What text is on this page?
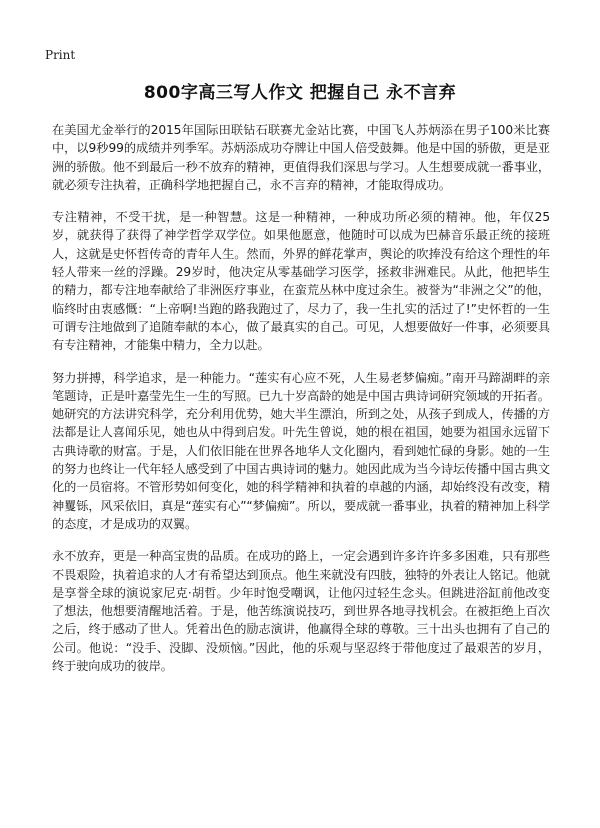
Print
800字高三写人作文 把握自己 永不言弃

在美国尤金举行的2015年国际田联钻石联赛尤金站比赛，中国飞人苏炳添在男子100米比赛中，以9秒99的成绩并列季军。苏炳添成功夺牌让中国人倍受鼓舞。他是中国的骄傲，更是亚洲的骄傲。他不到最后一秒不放弃的精神，更值得我们深思与学习。人生想要成就一番事业，就必须专注执着，正确科学地把握自己，永不言弃的精神，才能取得成功。

专注精神，不受干扰，是一种智慧。这是一种精神，一种成功所必须的精神。他，年仅25岁，就获得了获得了神学哲学双学位。如果他愿意，他随时可以成为巴赫音乐最正统的接班人，这就是史怀哲传奇的青年人生。然而，外界的鲜花掌声，舆论的吹捧没有给这个理性的年轻人带来一丝的浮躁。29岁时，他决定从零基础学习医学，拯救非洲难民。从此，他把毕生的精力，都专注地奉献给了非洲医疗事业，在蛮荒丛林中度过余生。被誉为“非洲之父”的他，临终时由衷感慨：“上帝啊!当跑的路我跑过了，尽力了，我一生扎实的活过了!”史怀哲的一生可谓专注地做到了追随奉献的本心，做了最真实的自己。可见，人想要做好一件事，必须要具有专注精神，才能集中精力，全力以赴。

努力拼搏，科学追求，是一种能力。“莲实有心应不死，人生易老梦偏痴。”南开马蹄湖畔的亲笔题诗，正是叶嘉莹先生一生的写照。已九十岁高龄的她是中国古典诗词研究领域的开拓者。她研究的方法讲究科学，充分利用优势，她大半生漂泊，所到之处，从孩子到成人，传播的方法都是让人喜闻乐见，她也从中得到启发。叶先生曾说，她的根在祖国，她要为祖国永远留下古典诗歌的财富。于是，人们依旧能在世界各地华人文化圈内，看到她忙碌的身影。她的一生的努力也终让一代年轻人感受到了中国古典诗词的魅力。她因此成为当今诗坛传播中国古典文化的一员宿将。不管形势如何变化，她的科学精神和执着的卓越的内涵，却始终没有改变，精神矍铄，风采依旧，真是“莲实有心”“梦偏痴”。所以，要成就一番事业，执着的精神加上科学的态度，才是成功的双翼。

永不放弃，更是一种高宝贵的品质。在成功的路上，一定会遇到许多许许多多困难，只有那些不畏艰险，执着追求的人才有希望达到顶点。他生来就没有四肢，独特的外表让人铭记。他就是享誉全球的演说家尼克·胡哲。少年时饱受嘲讽，让他闪过轻生念头。但跳进浴缸前他改变了想法，他想要清醒地活着。于是，他苦练演说技巧，到世界各地寻找机会。在被拒绝上百次之后，终于感动了世人。凭着出色的励志演讲，他赢得全球的尊敬。三十出头也拥有了自己的公司。他说：“没手、没脚、没烦恼。”因此，他的乐观与坚忍终于带他度过了最艰苦的岁月，终于驶向成功的彼岸。
